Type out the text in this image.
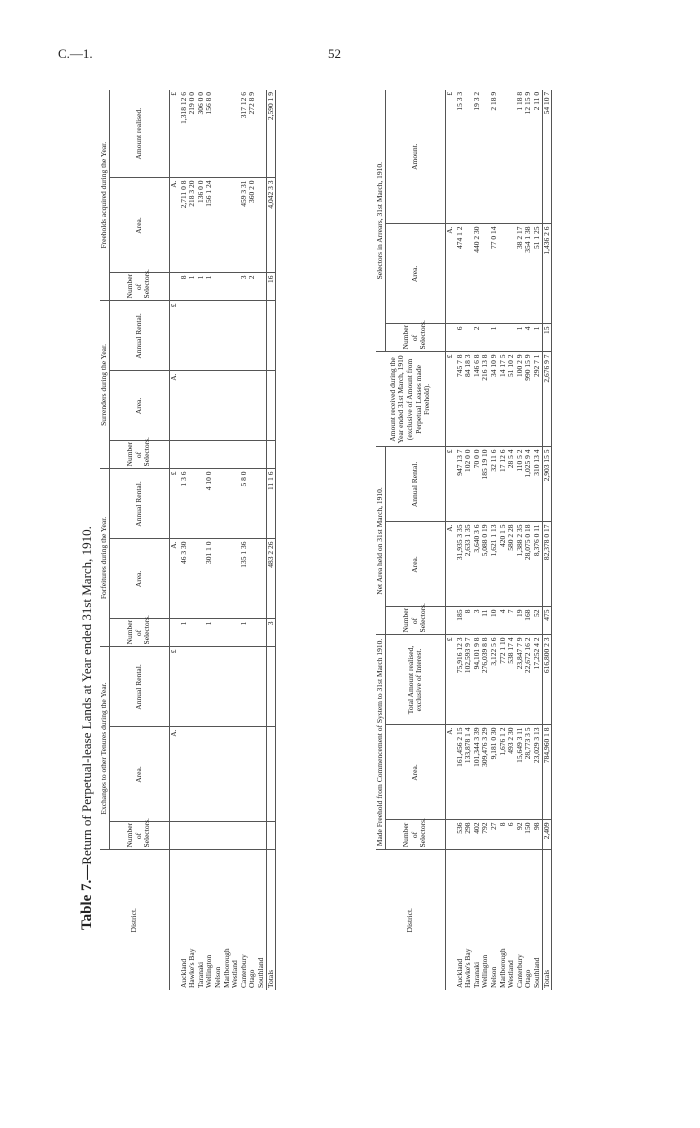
C.—1.	52
Table 7.—Return of Perpetual-lease Lands at Year ended 31st March, 1910.
District.	Exchanges to other Tenures during the Year.			Forfeitures during the Year.			Surrenders during the Year.			Freeholds acquired during the Year.		
	Number of Selectors.	Area.	Annual Rental.	Number of Selectors.	Area.	Annual Rental.	Number of Selectors.	Area.	Annual Rental.	Number of Selectors.	Area.	Amount realised.
		A.	£		A.	£		A.	£		A.	£
Auckland				1	46 3 30	1 3 6				8	2,711 0 8	1,318 12 6
Hawke's Bay										1	218 3 20	219 0 0
Taranaki										1	136 0 0	306 0 0
Wellington				1	301 1 0	4 10 0				1	156 1 24	156 8 0
Nelson												
Marlborough												
Westland												
Canterbury				1	135 1 36	5 8 0				3	459 3 31	317 12 6
Otago										2	360 2 0	272 8 9
Southland												
Totals				3	483 2 26	11 1 6				16	4,042 3 3	2,590 1 9
District.	Made Freehold from Commencement of System to 31st March 1910.			Net Area held on 31st March, 1910.			Amount received during the Year ended 31st March, 1910 (exclusive of Amount from Perpetual Leases made Freehold).	Selectors in Arrears, 31st March, 1910.		
	Number of Selectors.	Area.	Total Amount realised, exclusive of Interest.	Number of Selectors.	Area.	Annual Rental.		Number of Selectors.	Area.	Amount.
		A.	£		A.	£	£		A.	£
Auckland	536	161,456 2 15	75,916 12 3	185	31,935 3 35	947 13 7	745 7 8	6	474 1 2	15 3 3
Hawke's Bay	298	133,878 1 4	102,593 9 7	8	2,633 1 35	102 0 0	84 18 3			
Taranaki	402	101,344 3 39	94,101 9 8	3	3,640 3 6	70 0 0	146 6 8	2	440 2 30	19 3 2
Wellington	792	309,476 3 29	276,039 8 8	11	5,088 0 19	185 19 10	216 13 8			
Nelson	27	9,181 0 30	3,122 5 6	10	1,621 1 13	32 11 6	34 10 9	1	77 0 14	2 18 9
Marlborough	8	1,676 1 2	772 1 10	4	420 1 5	17 12 6	14 17 5			
Westland	6	493 2 30	538 17 4	7	580 2 28	28 5 4	51 10 2			
Canterbury	92	15,649 3 11	23,847 7 9	19	1,388 2 35	110 5 2	100 2 9	1	38 2 17	1 18 8
Otago	150	28,773 3 5	22,672 16 2	168	28,075 0 18	1,025 9 4	990 15 9	4	354 1 38	12 15 9
Southland	98	23,029 3 13	17,252 4 2	52	8,376 0 11	310 13 4	292 7 1	1	51 1 25	2 11 0
Totals	2,409	784,960 1 8	616,800 2 3	475	82,378 0 17	2,903 15 5	2,676 9 7	15	1,436 2 6	54 10 7
